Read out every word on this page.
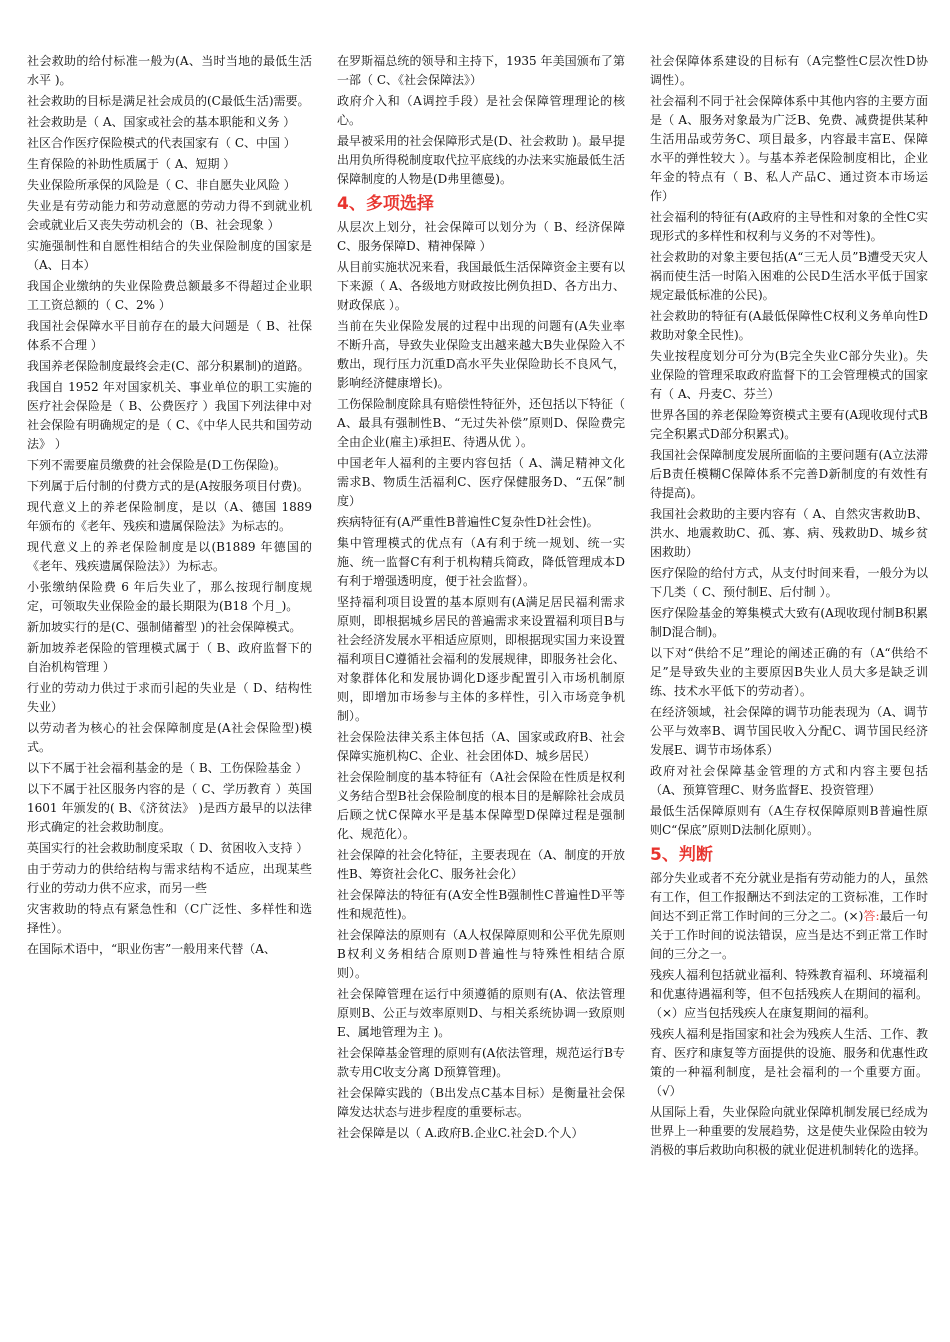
社会救助的给付标准一般为(A、当时当地的最低生活水平 )。
社会救助的目标是满足社会成员的(C最低生活)需要。
社会救助是（ A、国家或社会的基本职能和义务 ）
社区合作医疗保险模式的代表国家有（ C、中国 ）
生育保险的补助性质属于（ A、短期 ）
失业保险所承保的风险是（ C、非自愿失业风险 ）
失业是有劳动能力和劳动意愿的劳动力得不到就业机会或就业后又丧失劳动机会的（B、社会现象 ）
实施强制性和自愿性相结合的失业保险制度的国家是（A、日本）
我国企业缴纳的失业保险费总额最多不得超过企业职工工资总额的（ C、2% ）
我国社会保障水平目前存在的最大问题是（ B、社保体系不合理 ）
我国养老保险制度最终会走(C、部分积累制)的道路。
我国自 1952 年对国家机关、事业单位的职工实施的医疗社会保险是（ B、公费医疗 ）我国下列法律中对社会保险有明确规定的是（ C、《中华人民共和国劳动法》 ）
下列不需要雇员缴费的社会保险是(D工伤保险)。
下列属于后付制的付费方式的是(A按服务项目付费)。
现代意义上的养老保险制度，是以（A、德国 1889 年颁布的《老年、残疾和遗属保险法》为标志的。
现代意义上的养老保险制度是以(B1889 年德国的《老年、残疾遗属保险法》）为标志。
小张缴纳保险费 6 年后失业了，那么按现行制度规定，可领取失业保险金的最长期限为(B18 个月_)。
新加坡实行的是(C、强制储蓄型 )的社会保障模式。
新加坡养老保险的管理模式属于（ B、政府监督下的自治机构管理 ）
行业的劳动力供过于求而引起的失业是（ D、结构性失业）
以劳动者为核心的社会保障制度是(A社会保险型)模式。
以下不属于社会福利基金的是（ B、工伤保险基金 ）
以下不属于社区服务内容的是（ C、学历教育 ）英国 1601 年颁发的( B、《济贫法》 )是西方最早的以法律形式确定的社会救助制度。
英国实行的社会救助制度采取（ D、贫困收入支持 ）
由于劳动力的供给结构与需求结构不适应，出现某些行业的劳动力供不应求，而另一些
灾害救助的特点有紧急性和（C广泛性、多样性和选择性）。
在国际术语中，“职业伤害”一般用来代替（A、
在罗斯福总统的领导和主持下，1935 年美国颁布了第一部（ C、《社会保障法》）
政府介入和（A调控手段）是社会保障管理理论的核心。
最早被采用的社会保障形式是(D、社会救助 )。最早提出用负所得税制度取代拉平底线的办法来实施最低生活保障制度的人物是(D弗里德曼)。
4、多项选择
从层次上划分，社会保障可以划分为（ B、经济保障C、服务保障D、精神保障 ）
从目前实施状况来看，我国最低生活保障资金主要有以下来源（ A、各级地方财政按比例负担D、各方出力、财政保底 ）。
当前在失业保险发展的过程中出现的问题有(A失业率不断升高，导致失业保险支出越来越大B失业保险入不敷出，现行压力沉重D高水平失业保险助长不良风气，影响经济健康增长)。
工伤保险制度除具有赔偿性特征外，还包括以下特征（ A、最具有强制性B、“无过失补偿”原则D、保险费完全由企业(雇主)承担E、待遇从优 ）。
中国老年人福利的主要内容包括（ A、满足精神文化需求B、物质生活福利C、医疗保健服务D、“五保”制度）
疾病特征有(A严重性B普遍性C复杂性D社会性)。
集中管理模式的优点有（A有利于统一规划、统一实施、统一监督C有利于机构精兵简政，降低管理成本D有利于增强透明度，便于社会监督）。
坚持福利项目设置的基本原则有(A满足居民福利需求原则，即根据城乡居民的普遍需求来设置福利项目B与社会经济发展水平相适应原则，即根据现实国力来设置福利项目C遵循社会福利的发展规律，即服务社会化、对象群体化和发展协调化D逐步配置引入市场机制原则，即增加市场参与主体的多样性，引入市场竞争机制）。
社会保险法律关系主体包括（A、国家或政府B、社会保障实施机构C、企业、社会团体D、城乡居民）
社会保险制度的基本特征有（A社会保险在性质是权利义务结合型B社会保险制度的根本目的是解除社会成员后顾之忧C保障水平是基本保障型D保障过程是强制化、规范化）。
社会保障的社会化特征，主要表现在（A、制度的开放性B、筹资社会化C、服务社会化）
社会保障法的特征有(A安全性B强制性C普遍性D平等性和规范性)。
社会保障法的原则有（A人权保障原则和公平优先原则B权利义务相结合原则D普遍性与特殊性相结合原则）。
社会保障管理在运行中须遵循的原则有(A、依法管理原则B、公正与效率原则D、与相关系统协调一致原则E、属地管理为主 )。
社会保障基金管理的原则有(A依法管理，规范运行B专款专用C收支分离 D预算管理)。
社会保障实践的（B出发点C基本目标）是衡量社会保障发达状态与进步程度的重要标志。
社会保障是以（ A.政府B.企业C.社会D.个人）
社会保障体系建设的目标有（A完整性C层次性D协调性）。
社会福利不同于社会保障体系中其他内容的主要方面是（ A、服务对象最为广泛B、免费、减费提供某种生活用品或劳务C、项目最多，内容最丰富E、保障水平的弹性较大 ）。与基本养老保险制度相比，企业年金的特点有（ B、私人产品C、通过资本市场运作）
社会福利的特征有(A政府的主导性和对象的全性C实现形式的多样性和权利与义务的不对等性)。
社会救助的对象主要包括(A“三无人员”B遭受天灾人祸而使生活一时陷入困难的公民D生活水平低于国家规定最低标准的公民)。
社会救助的特征有(A最低保障性C权利义务单向性D救助对象全民性)。
失业按程度划分可分为(B完全失业C部分失业)。失业保险的管理采取政府监督下的工会管理模式的国家有（ A、丹麦C、芬兰）
世界各国的养老保险筹资模式主要有(A现收现付式B完全积累式D部分积累式)。
我国社会保障制度发展所面临的主要问题有(A立法滞后B责任模糊C保障体系不完善D新制度的有效性有待提高)。
我国社会救助的主要内容有（ A、自然灾害救助B、洪水、地震救助C、孤、寡、病、残救助D、城乡贫困救助）
医疗保险的给付方式，从支付时间来看，一般分为以下几类（ C、预付制E、后付制 ）。
医疗保险基金的筹集模式大致有(A现收现付制B积累制D混合制)。
以下对“供给不足”理论的阐述正确的有（A“供给不足”是导致失业的主要原因B失业人员大多是缺乏训练、技术水平低下的劳动者）。
在经济领域，社会保障的调节功能表现为（A、调节公平与效率B、调节国民收入分配C、调节国民经济发展E、调节市场体系）
政府对社会保障基金管理的方式和内容主要包括（A、预算管理C、财务监督E、投资管理）
最低生活保障原则有（A生存权保障原则B普遍性原则C“保底”原则D法制化原则）。
5、判断
部分失业或者不充分就业是指有劳动能力的人，虽然有工作，但工作报酬达不到法定的工资标准，工作时间达不到正常工作时间的三分之二。(×)答:最后一句关于工作时间的说法错误，应当是达不到正常工作时间的三分之一。
残疾人福利包括就业福利、特殊教育福利、环境福利和优惠待遇福利等，但不包括残疾人在期间的福利。（×）应当包括残疾人在康复期间的福利。
残疾人福利是指国家和社会为残疾人生活、工作、教育、医疗和康复等方面提供的设施、服务和优惠性政策的一种福利制度，是社会福利的一个重要方面。（√）
从国际上看，失业保险向就业保障机制发展已经成为世界上一种重要的发展趋势，这是使失业保险由较为消极的事后救助向积极的就业促进机制转化的选择。
